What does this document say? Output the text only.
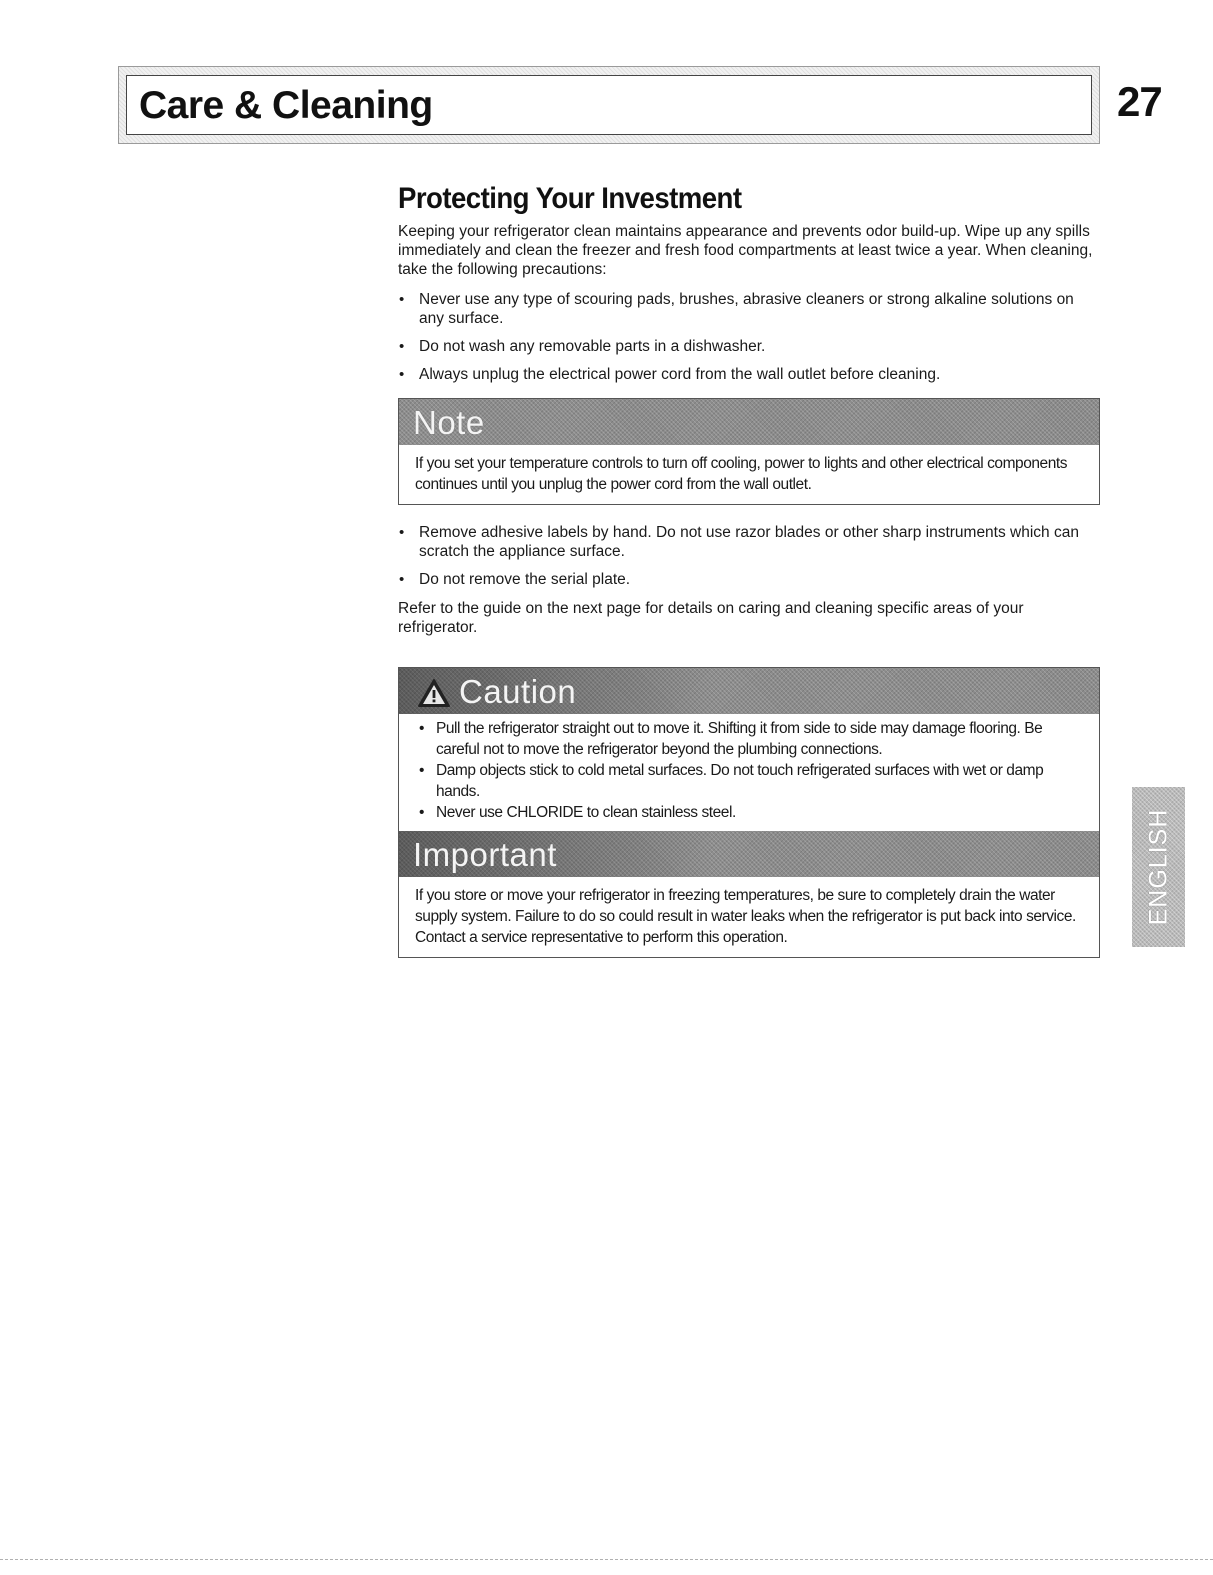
Care & Cleaning	27
Protecting Your Investment

Keeping your refrigerator clean maintains appearance and prevents odor build-up. Wipe up any spills immediately and clean the freezer and fresh food compartments at least twice a year. When cleaning, take the following precautions:

• Never use any type of scouring pads, brushes, abrasive cleaners or strong alkaline solutions on any surface.
• Do not wash any removable parts in a dishwasher.
• Always unplug the electrical power cord from the wall outlet before cleaning.
Note

If you set your temperature controls to turn off cooling, power to lights and other electrical components continues until you unplug the power cord from the wall outlet.

• Remove adhesive labels by hand. Do not use razor blades or other sharp instruments which can scratch the appliance surface.
• Do not remove the serial plate.

Refer to the guide on the next page for details on caring and cleaning specific areas of your refrigerator.

Caution
• Pull the refrigerator straight out to move it. Shifting it from side to side may damage flooring. Be careful not to move the refrigerator beyond the plumbing connections.
• Damp objects stick to cold metal surfaces. Do not touch refrigerated surfaces with wet or damp hands.
• Never use CHLORIDE to clean stainless steel.
Important

If you store or move your refrigerator in freezing temperatures, be sure to completely drain the water supply system. Failure to do so could result in water leaks when the refrigerator is put back into service. Contact a service representative to perform this operation.

ENGLISH
